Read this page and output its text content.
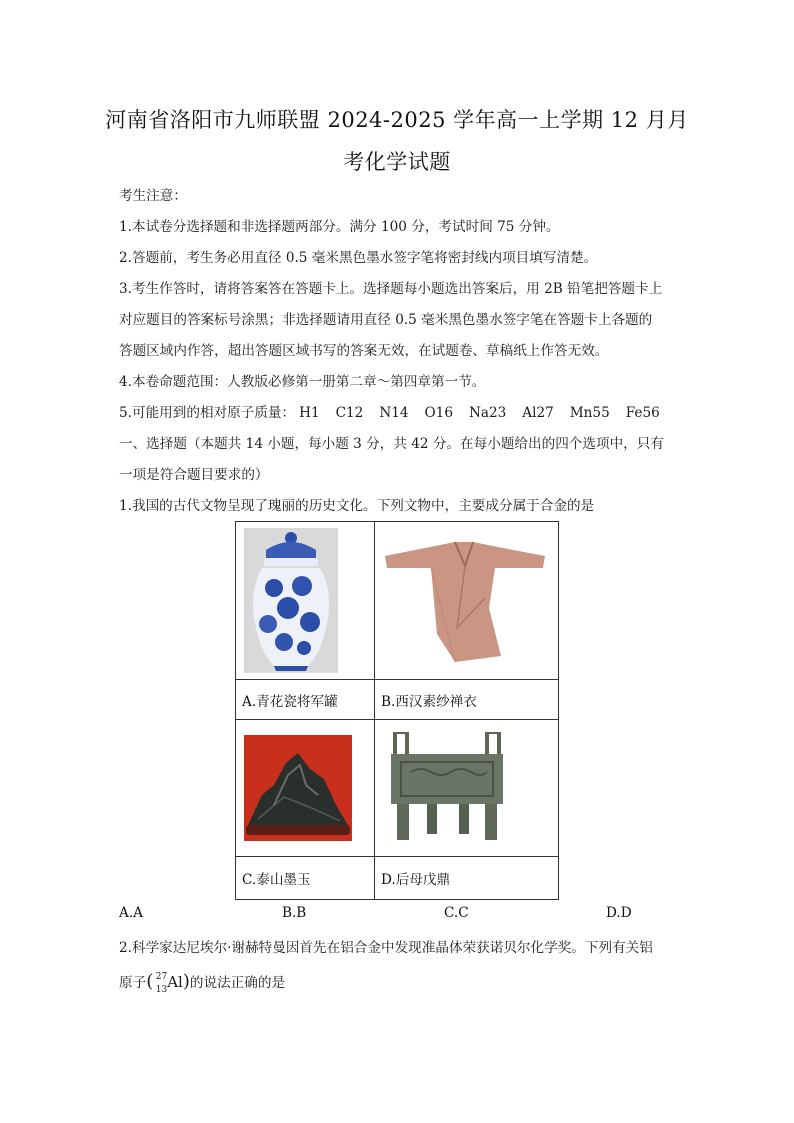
河南省洛阳市九师联盟 2024-2025 学年高一上学期 12 月月
考化学试题
考生注意：
1.本试卷分选择题和非选择题两部分。满分 100 分，考试时间 75 分钟。
2.答题前，考生务必用直径 0.5 毫米黑色墨水签字笔将密封线内项目填写清楚。
3.考生作答时，请将答案答在答题卡上。选择题每小题选出答案后，用 2B 铅笔把答题卡上
对应题目的答案标号涂黑；非选择题请用直径 0.5 毫米黑色墨水签字笔在答题卡上各题的
答题区域内作答，超出答题区域书写的答案无效，在试题卷、草稿纸上作答无效。
4.本卷命题范围：人教版必修第一册第二章～第四章第一节。
5.可能用到的相对原子质量： H1 C12 N14 O16 Na23 Al27 Mn55 Fe56
一、选择题（本题共 14 小题，每小题 3 分，共 42 分。在每小题给出的四个选项中，只有
一项是符合题目要求的）
1.我国的古代文物呈现了瑰丽的历史文化。下列文物中，主要成分属于合金的是

A.青花瓷将军罐	B.西汉素纱禅衣

C.泰山墨玉	D.后母戊鼎
A.A	B.B	C.C	D.D
2.科学家达尼埃尔·谢赫特曼因首先在铝合金中发现准晶体荣获诺贝尔化学奖。下列有关铝
原子( 27
13 Al)的说法正确的是
